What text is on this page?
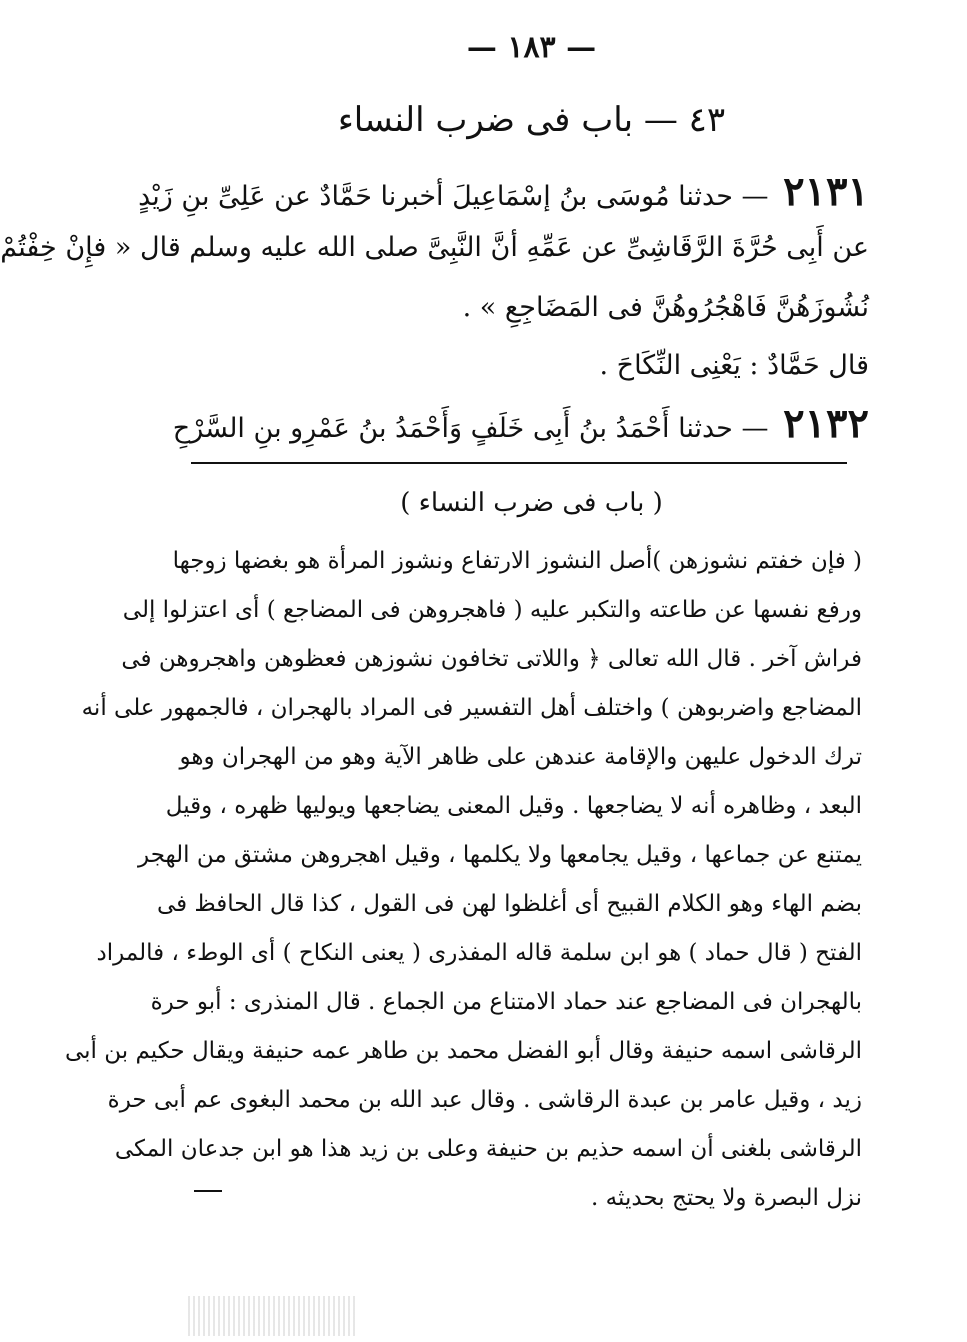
— ١٨٣ —
٤٣ — باب فى ضرب النساء
٢١٣١ — حدثنا مُوسَى بنُ إسْمَاعِيلَ أخبرنا حَمَّادٌ عن عَلِىِّ بنِ زَيْدٍ
عن أَبِى حُرَّةَ الرَّقَاشِىِّ عن عَمِّهِ أنَّ النَّبِىَّ صلى الله عليه وسلم قال « فإِنْ خِفْتُمْ
نُشُوزَهُنَّ فَاهْجُرُوهُنَّ فى المَضَاجِعِ » .
قال حَمَّادٌ : يَعْنِى النِّكَاحَ .
٢١٣٢ — حدثنا أَحْمَدُ بنُ أَبِى خَلَفٍ وَأَحْمَدُ بنُ عَمْرِو بنِ السَّرْحِ
( باب فى ضرب النساء )
( فإن خفتم نشوزهن )أصل النشوز الارتفاع ونشوز المرأة هو بغضها زوجها
ورفع نفسها عن طاعته والتكبر عليه ( فاهجروهن فى المضاجع ) أى اعتزلوا إلى
فراش آخر . قال الله تعالى ﴿ واللاتى تخافون نشوزهن فعظوهن واهجروهن فى
المضاجع واضربوهن ) واختلف أهل التفسير فى المراد بالهجران ، فالجمهور على أنه
ترك الدخول عليهن والإقامة عندهن على ظاهر الآية وهو من الهجران وهو
البعد ، وظاهره أنه لا يضاجعها . وقيل المعنى يضاجعها ويوليها ظهره ، وقيل
يمتنع عن جماعها ، وقيل يجامعها ولا يكلمها ، وقيل اهجروهن مشتق من الهجر
بضم الهاء وهو الكلام القبيح أى أغلظوا لهن فى القول ، كذا قال الحافظ فى
الفتح ( قال حماد ) هو ابن سلمة قاله المفذرى ( يعنى النكاح ) أى الوطء ، فالمراد
بالهجران فى المضاجع عند حماد الامتناع من الجماع . قال المنذرى : أبو حرة
الرقاشى اسمه حنيفة وقال أبو الفضل محمد بن طاهر عمه حنيفة ويقال حكيم بن أبى
زيد ، وقيل عامر بن عبدة الرقاشى . وقال عبد الله بن محمد البغوى عم أبى حرة
الرقاشى بلغنى أن اسمه حذيم بن حنيفة وعلى بن زيد هذا هو ابن جدعان المكى
نزل البصرة ولا يحتج بحديثه .
